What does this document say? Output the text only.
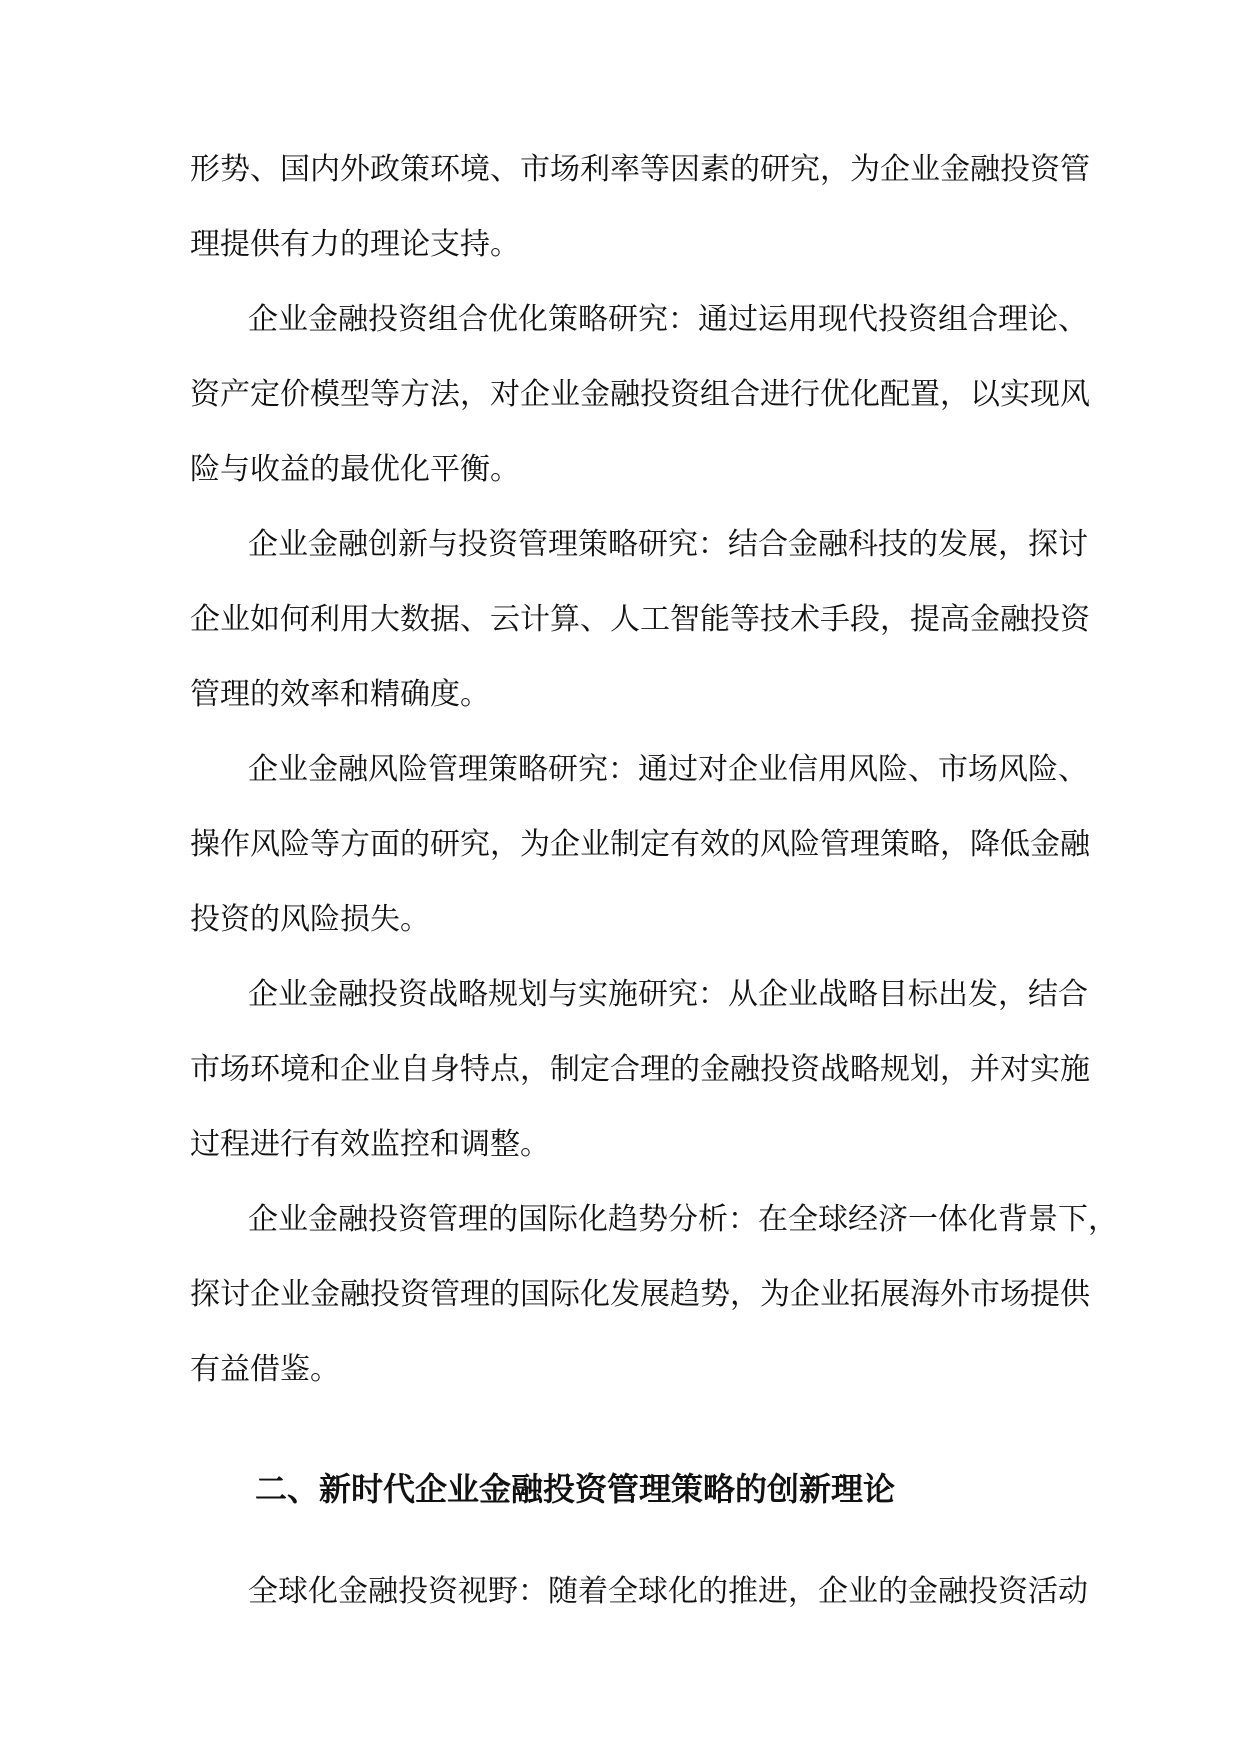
形势、国内外政策环境、市场利率等因素的研究，为企业金融投资管
理提供有力的理论支持。
企业金融投资组合优化策略研究：通过运用现代投资组合理论、
资产定价模型等方法，对企业金融投资组合进行优化配置，以实现风
险与收益的最优化平衡。
企业金融创新与投资管理策略研究：结合金融科技的发展，探讨
企业如何利用大数据、云计算、人工智能等技术手段，提高金融投资
管理的效率和精确度。
企业金融风险管理策略研究：通过对企业信用风险、市场风险、
操作风险等方面的研究，为企业制定有效的风险管理策略，降低金融
投资的风险损失。
企业金融投资战略规划与实施研究：从企业战略目标出发，结合
市场环境和企业自身特点，制定合理的金融投资战略规划，并对实施
过程进行有效监控和调整。
企业金融投资管理的国际化趋势分析：在全球经济一体化背景下，
探讨企业金融投资管理的国际化发展趋势，为企业拓展海外市场提供
有益借鉴。
二、新时代企业金融投资管理策略的创新理论
全球化金融投资视野：随着全球化的推进，企业的金融投资活动
